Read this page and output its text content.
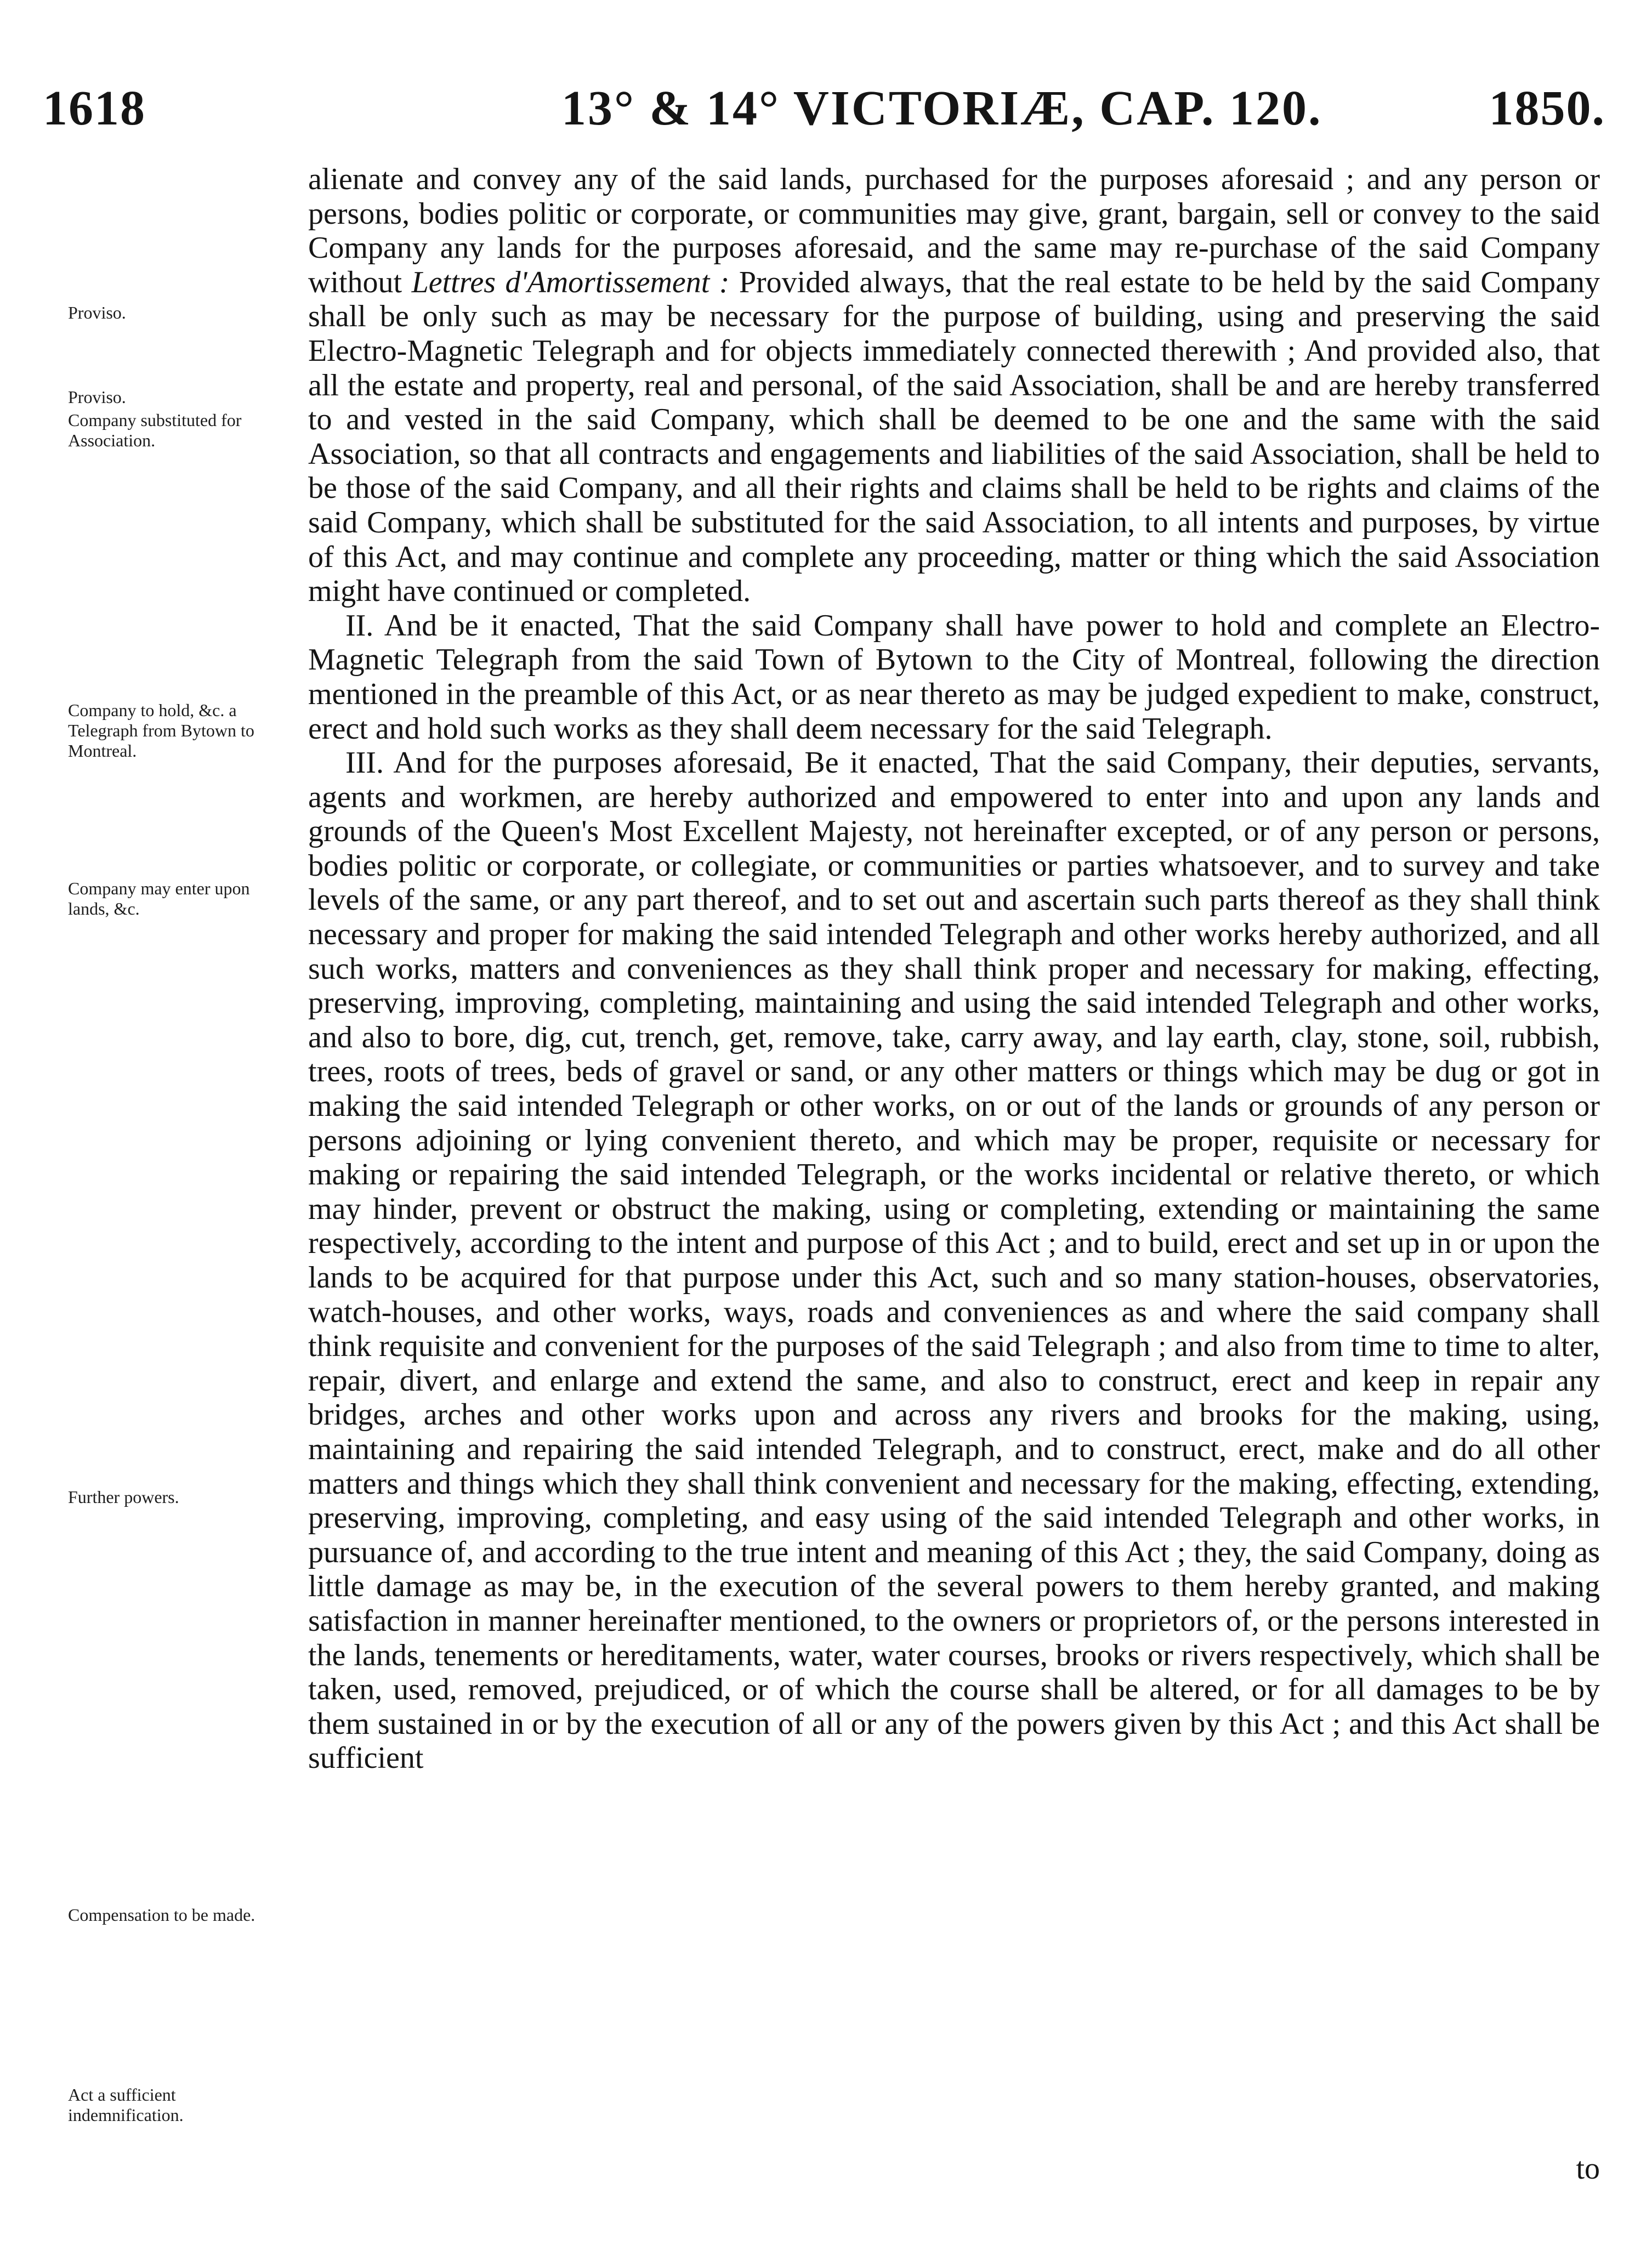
1618	13° & 14° VICTORIÆ, CAP. 120.	1850.
Proviso.
Proviso.
Company substituted for Association.
Company to hold, &c. a Telegraph from Bytown to Montreal.
Company may enter upon lands, &c.
Further powers.
Compensation to be made.
Act a sufficient indemnification.

alienate and convey any of the said lands, purchased for the purposes aforesaid ; and any person or persons, bodies politic or corporate, or communities may give, grant, bargain, sell or convey to the said Company any lands for the purposes aforesaid, and the same may re-purchase of the said Company without Lettres d'Amortissement : Provided always, that the real estate to be held by the said Company shall be only such as may be necessary for the purpose of building, using and preserving the said Electro-Magnetic Telegraph and for objects immediately connected therewith ; And provided also, that all the estate and property, real and personal, of the said Association, shall be and are hereby transferred to and vested in the said Company, which shall be deemed to be one and the same with the said Association, so that all contracts and engagements and liabilities of the said Association, shall be held to be those of the said Company, and all their rights and claims shall be held to be rights and claims of the said Company, which shall be substituted for the said Association, to all intents and purposes, by virtue of this Act, and may continue and complete any proceeding, matter or thing which the said Association might have continued or completed.

II. And be it enacted, That the said Company shall have power to hold and complete an Electro-Magnetic Telegraph from the said Town of Bytown to the City of Montreal, following the direction mentioned in the preamble of this Act, or as near thereto as may be judged expedient to make, construct, erect and hold such works as they shall deem necessary for the said Telegraph.

III. And for the purposes aforesaid, Be it enacted, That the said Company, their deputies, servants, agents and workmen, are hereby authorized and empowered to enter into and upon any lands and grounds of the Queen's Most Excellent Majesty, not hereinafter excepted, or of any person or persons, bodies politic or corporate, or collegiate, or communities or parties whatsoever, and to survey and take levels of the same, or any part thereof, and to set out and ascertain such parts thereof as they shall think necessary and proper for making the said intended Telegraph and other works hereby authorized, and all such works, matters and conveniences as they shall think proper and necessary for making, effecting, preserving, improving, completing, maintaining and using the said intended Telegraph and other works, and also to bore, dig, cut, trench, get, remove, take, carry away, and lay earth, clay, stone, soil, rubbish, trees, roots of trees, beds of gravel or sand, or any other matters or things which may be dug or got in making the said intended Telegraph or other works, on or out of the lands or grounds of any person or persons adjoining or lying convenient thereto, and which may be proper, requisite or necessary for making or repairing the said intended Telegraph, or the works incidental or relative thereto, or which may hinder, prevent or obstruct the making, using or completing, extending or maintaining the same respectively, according to the intent and purpose of this Act ; and to build, erect and set up in or upon the lands to be acquired for that purpose under this Act, such and so many station-houses, observatories, watch-houses, and other works, ways, roads and conveniences as and where the said company shall think requisite and convenient for the purposes of the said Telegraph ; and also from time to time to alter, repair, divert, and enlarge and extend the same, and also to construct, erect and keep in repair any bridges, arches and other works upon and across any rivers and brooks for the making, using, maintaining and repairing the said intended Telegraph, and to construct, erect, make and do all other matters and things which they shall think convenient and necessary for the making, effecting, extending, preserving, improving, completing, and easy using of the said intended Telegraph and other works, in pursuance of, and according to the true intent and meaning of this Act ; they, the said Company, doing as little damage as may be, in the execution of the several powers to them hereby granted, and making satisfaction in manner hereinafter mentioned, to the owners or proprietors of, or the persons interested in the lands, tenements or hereditaments, water, water courses, brooks or rivers respectively, which shall be taken, used, removed, prejudiced, or of which the course shall be altered, or for all damages to be by them sustained in or by the execution of all or any of the powers given by this Act ; and this Act shall be sufficient

to
